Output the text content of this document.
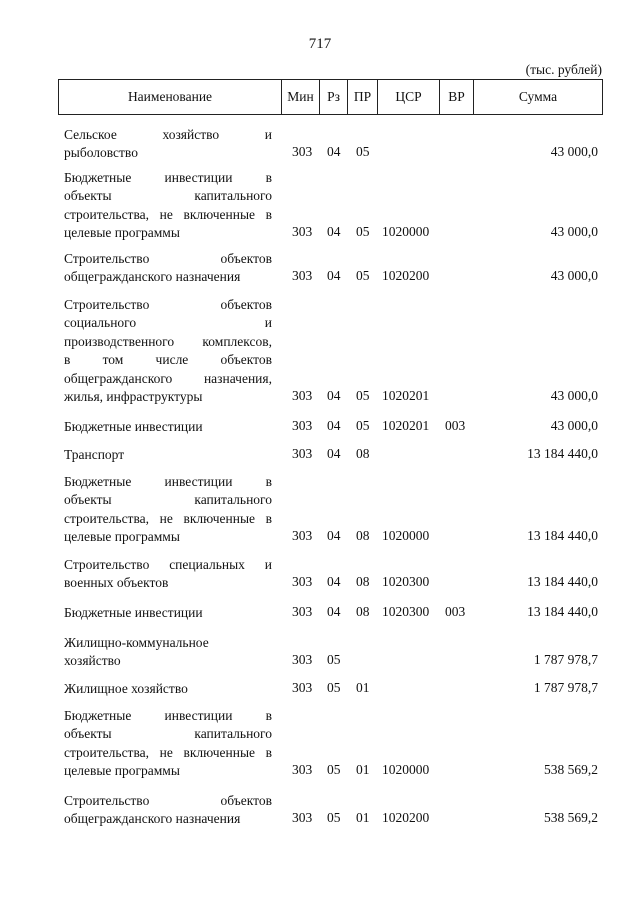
717
(тыс. рублей)
Наименование	Мин Рз	ПР	ЦСР	ВР	Сумма
Сельское хозяйство и
рыболовство	303 04 05	43 000,0
Бюджетные инвестиции в
объекты капитального
строительства, не включенные в
целевые программы	303 04 05 1020000	43 000,0
Строительство объектов
общегражданского назначения	303 04 05 1020200	43 000,0
Строительство объектов
социального и
производственного комплексов,
в том числе объектов
общегражданского назначения,
жилья, инфраструктуры	303 04 05 1020201	43 000,0
Бюджетные инвестиции	303 04 05 1020201 003	43 000,0
Транспорт	303 04 08	13 184 440,0
Бюджетные инвестиции в
объекты капитального
строительства, не включенные в
целевые программы	303 04 08 1020000	13 184 440,0
Строительство специальных и
военных объектов	303 04 08 1020300	13 184 440,0
Бюджетные инвестиции	303 04 08 1020300 003	13 184 440,0
Жилищно-коммунальное
хозяйство	303 05	1 787 978,7
Жилищное хозяйство	303 05 01	1 787 978,7
Бюджетные инвестиции в
объекты капитального
строительства, не включенные в
целевые программы	303 05 01 1020000	538 569,2
Строительство объектов
общегражданского назначения	303 05 01 1020200	538 569,2
